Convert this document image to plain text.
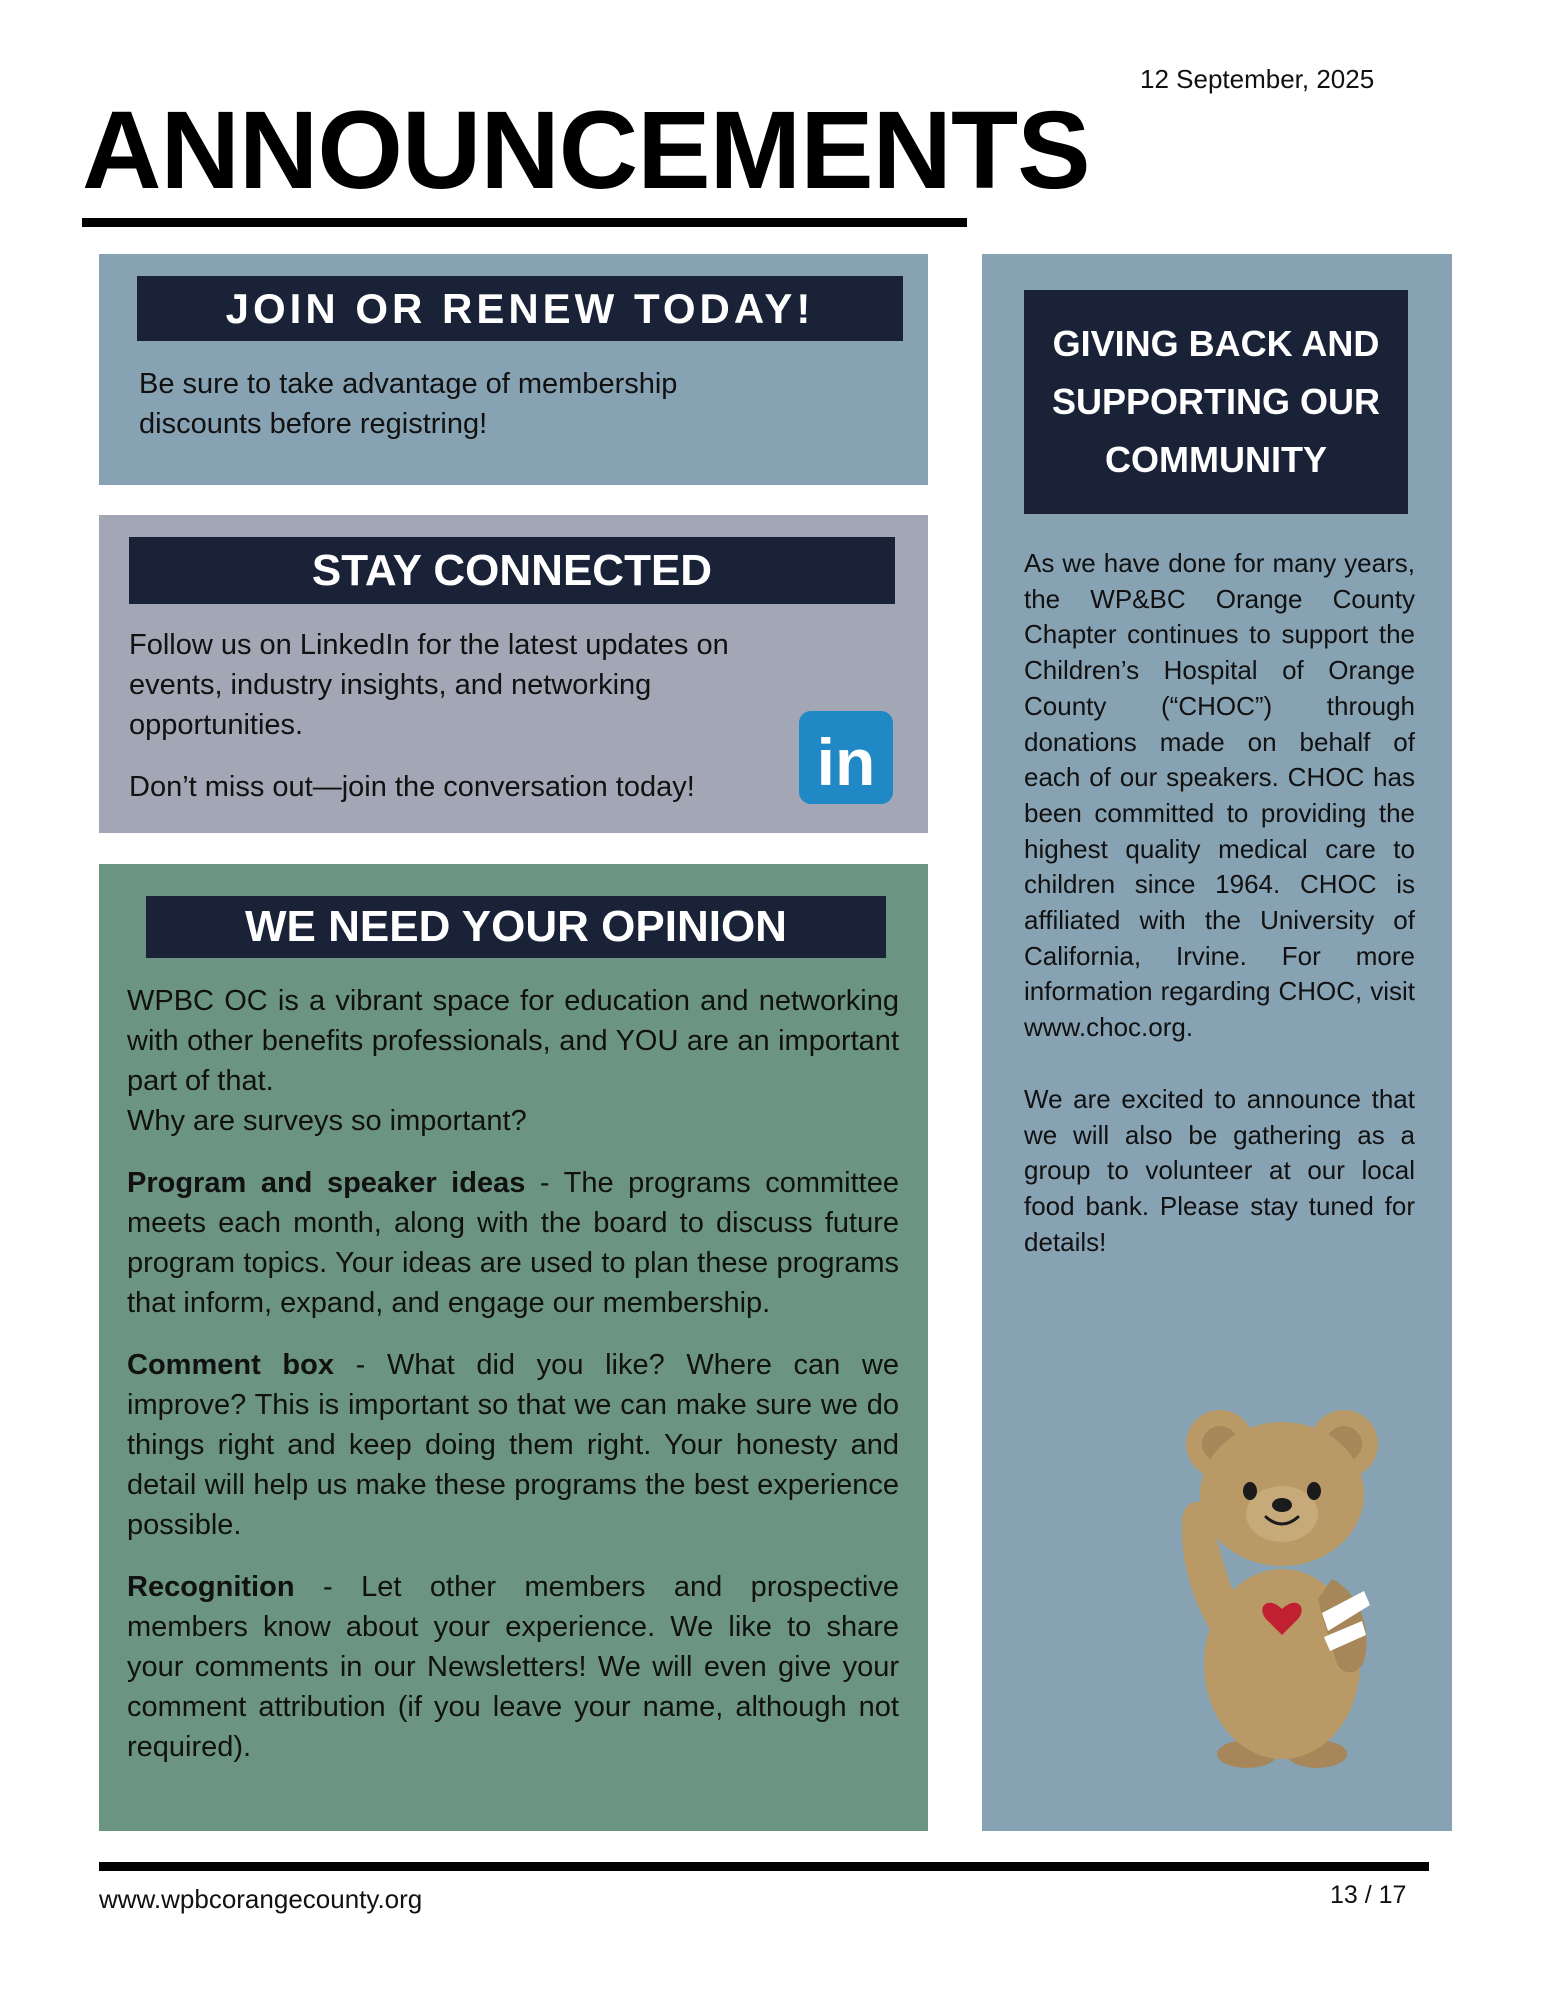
12 September, 2025
ANNOUNCEMENTS
JOIN OR RENEW TODAY!

Be sure to take advantage of membership

discounts before registring!

STAY CONNECTED

Follow us on LinkedIn for the latest updates on events, industry insights, and networking opportunities.

Don’t miss out—join the conversation today!	in
WE NEED YOUR OPINION

WPBC OC is a vibrant space for education and networking with other benefits professionals, and YOU are an important part of that.

Why are surveys so important?

Program and speaker ideas - The programs committee meets each month, along with the board to discuss future program topics. Your ideas are used to plan these programs that inform, expand, and engage our membership.

Comment box - What did you like? Where can we improve? This is important so that we can make sure we do things right and keep doing them right. Your honesty and detail will help us make these programs the best experience possible.

Recognition - Let other members and prospective members know about your experience. We like to share your comments in our Newsletters! We will even give your comment attribution (if you leave your name, although not required).

GIVING BACK AND SUPPORTING OUR COMMUNITY

As we have done for many years, the WP&BC Orange County Chapter continues to support the Children’s Hospital of Orange County (“CHOC”) through donations made on behalf of each of our speakers. CHOC has been committed to providing the highest quality medical care to children since 1964. CHOC is affiliated with the University of California, Irvine. For more information regarding CHOC, visit www.choc.org.

We are excited to announce that we will also be gathering as a group to volunteer at our local food bank. Please stay tuned for details!

www.wpbcorangecounty.org	13 / 17
